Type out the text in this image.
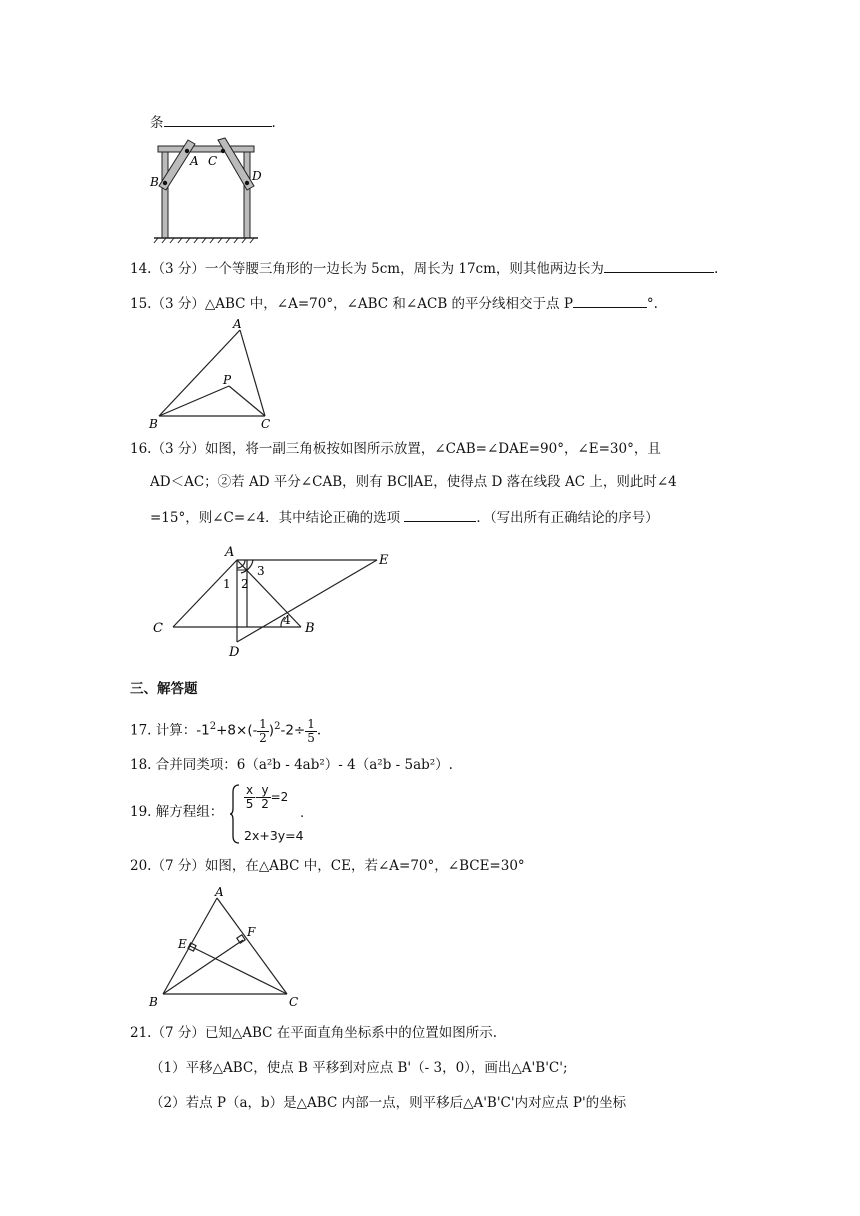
条	.
A
B
C
D
14.（3 分）一个等腰三角形的一边长为 5cm，周长为 17cm，则其他两边长为	.
15.（3 分）△ABC 中，∠A=70°，∠ABC 和∠ACB 的平分线相交于点 P	°.
A
P
B	C
16.（3 分）如图，将一副三角板按如图所示放置，∠CAB=∠DAE=90°，∠E=30°，且
AD＜AC；②若 AD 平分∠CAB，则有 BC∥AE，使得点 D 落在线段 AC 上，则此时∠4
=15°，则∠C=∠4．其中结论正确的选项	．（写出所有正确结论的序号）
A
E
C	B
D
1 2
3
4
三、解答题
17. 计算：$-1^2+8\times(- \frac{1}{2} )^2-2\div \frac{1}{5}$ .
18. 合并同类项：6（a²b - 4ab²）- 4（a²b - 5ab²）.
19. 解方程组：
$\frac{x}{5} - \frac{y}{2} =2$
2x+3y=4
.
20.（7 分）如图，在△ABC 中，CE，若∠A=70°，∠BCE=30°
A
E
F
B	C
21.（7 分）已知△ABC 在平面直角坐标系中的位置如图所示.
（1）平移△ABC，使点 B 平移到对应点 B'（- 3，0），画出△A'B'C';
（2）若点 P（a，b）是△ABC 内部一点，则平移后△A'B'C'内对应点 P'的坐标
